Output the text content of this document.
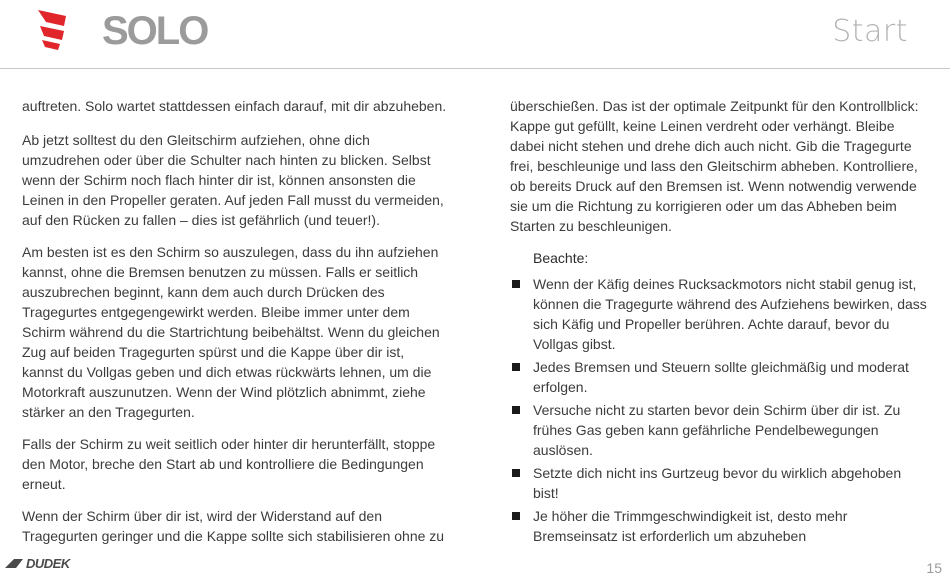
SOLO	Start

auftreten. Solo wartet stattdessen einfach darauf, mit dir abzuheben.

Ab jetzt solltest du den Gleitschirm aufziehen, ohne dich umzudrehen oder über die Schulter nach hinten zu blicken. Selbst wenn der Schirm noch flach hinter dir ist, können ansonsten die Leinen in den Propeller geraten. Auf jeden Fall musst du vermeiden, auf den Rücken zu fallen – dies ist gefährlich (und teuer!).

Am besten ist es den Schirm so auszulegen, dass du ihn aufziehen kannst, ohne die Bremsen benutzen zu müssen. Falls er seitlich auszubrechen beginnt, kann dem auch durch Drücken des Tragegurtes entgegengewirkt werden. Bleibe immer unter dem Schirm während du die Startrichtung beibehältst. Wenn du gleichen Zug auf beiden Tragegurten spürst und die Kappe über dir ist, kannst du Vollgas geben und dich etwas rückwärts lehnen, um die Motorkraft auszunutzen. Wenn der Wind plötzlich abnimmt, ziehe stärker an den Tragegurten.

Falls der Schirm zu weit seitlich oder hinter dir herunterfällt, stoppe den Motor, breche den Start ab und kontrolliere die Bedingungen erneut.

Wenn der Schirm über dir ist, wird der Widerstand auf den Tragegurten geringer und die Kappe sollte sich stabilisieren ohne zu

überschießen. Das ist der optimale Zeitpunkt für den Kontrollblick: Kappe gut gefüllt, keine Leinen verdreht oder verhängt. Bleibe dabei nicht stehen und drehe dich auch nicht. Gib die Tragegurte frei, beschleunige und lass den Gleitschirm abheben. Kontrolliere, ob bereits Druck auf den Bremsen ist. Wenn notwendig verwende sie um die Richtung zu korrigieren oder um das Abheben beim Starten zu beschleunigen.

Beachte:
Wenn der Käfig deines Rucksackmotors nicht stabil genug ist, können die Tragegurte während des Aufziehens bewirken, dass sich Käfig und Propeller berühren. Achte darauf, bevor du Vollgas gibst.
Jedes Bremsen und Steuern sollte gleichmäßig und moderat erfolgen.
Versuche nicht zu starten bevor dein Schirm über dir ist. Zu frühes Gas geben kann gefährliche Pendelbewegungen auslösen.
Setzte dich nicht ins Gurtzeug bevor du wirklich abgehoben bist!
Je höher die Trimmgeschwindigkeit ist, desto mehr Bremseinsatz ist erforderlich um abzuheben
DUDEK	15
